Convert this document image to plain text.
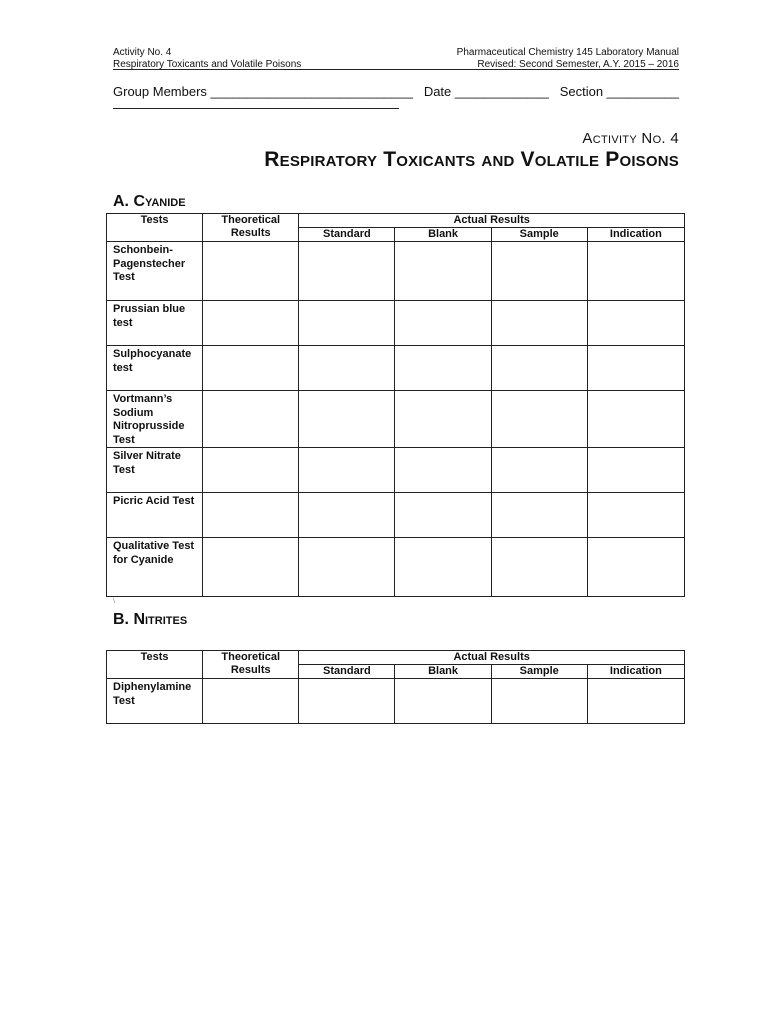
Activity No. 4	Pharmaceutical Chemistry 145 Laboratory Manual
Respiratory Toxicants and Volatile Poisons	Revised: Second Semester, A.Y. 2015 – 2016
Group Members ____________________________ Date _____________ Section __________
Activity No. 4
Respiratory Toxicants and Volatile Poisons
A. Cyanide
Tests	Theoretical Results	Actual Results			
		Standard	Blank	Sample	Indication
Schonbein-Pagenstecher Test					
Prussian blue test					
Sulphocyanate test					
Vortmann’s Sodium Nitroprusside Test					
Silver Nitrate Test					
Picric Acid Test					
Qualitative Test for Cyanide					
\
B. Nitrites
Tests	Theoretical Results	Actual Results			
		Standard	Blank	Sample	Indication
Diphenylamine Test					
